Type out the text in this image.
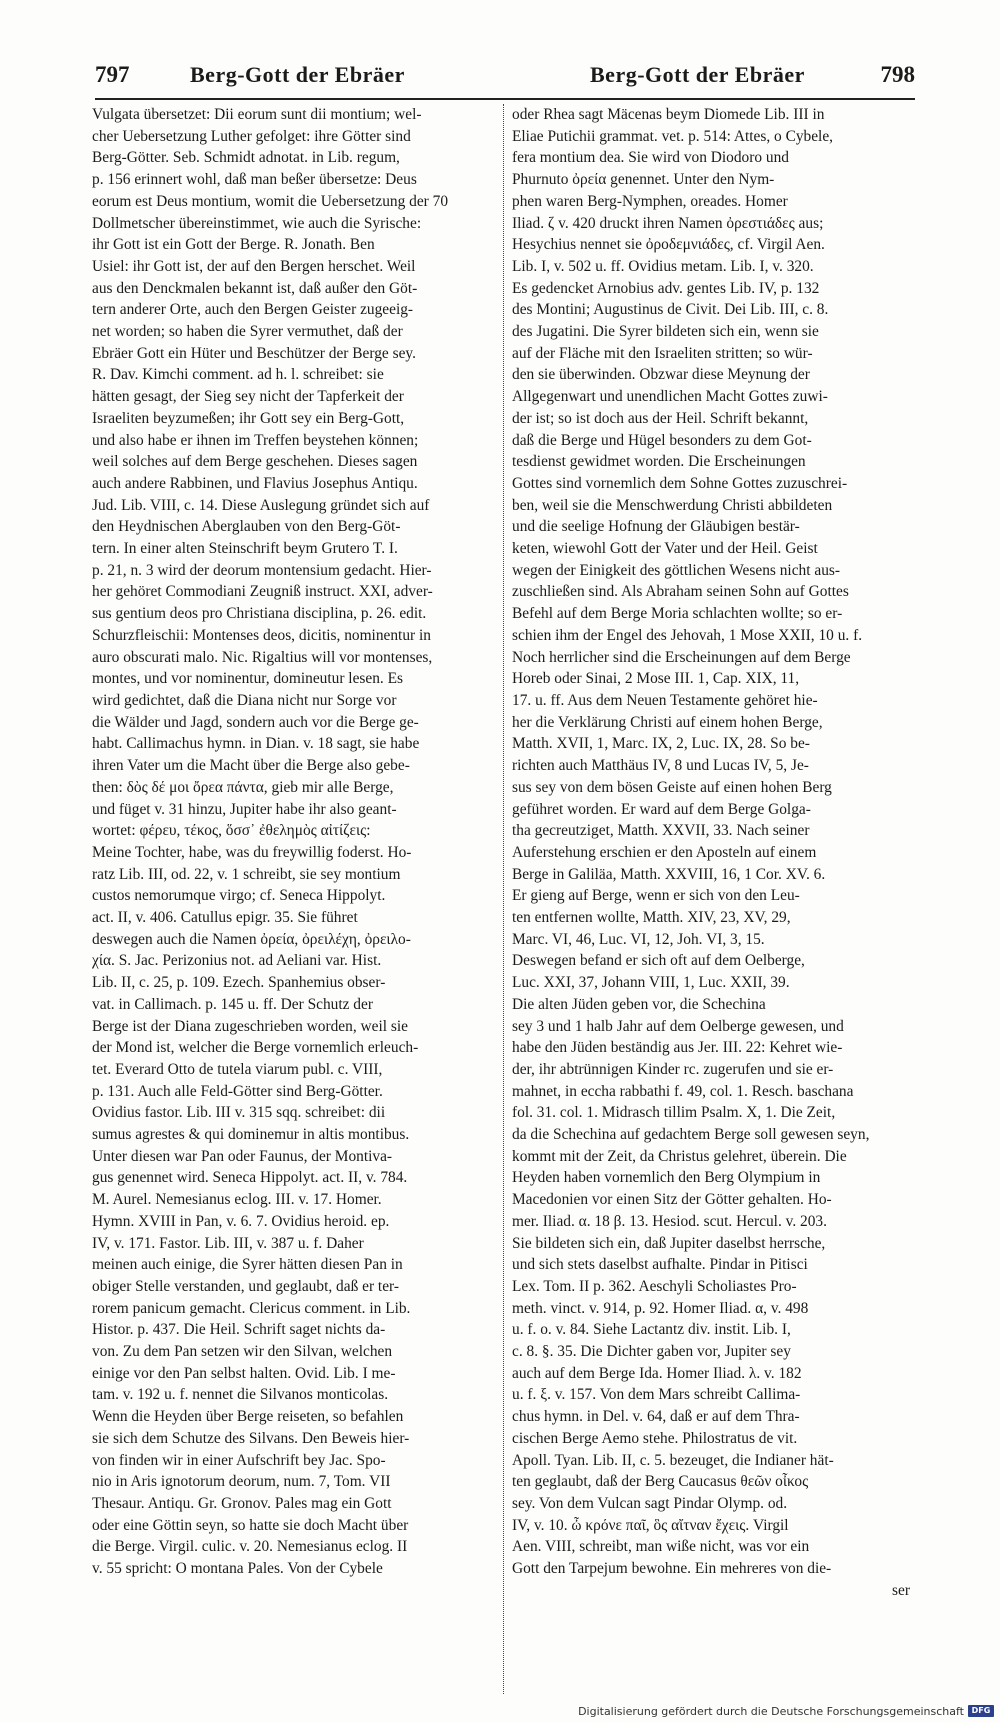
797	Berg-Gott der Ebräer	Berg-Gott der Ebräer	798
Vulgata übersetzet: Dii eorum sunt dii montium; wel-
cher Uebersetzung Luther gefolget: ihre Götter sind
Berg-Götter. Seb. Schmidt adnotat. in Lib. regum,
p. 156 erinnert wohl, daß man beßer übersetze: Deus
eorum est Deus montium, womit die Uebersetzung der 70
Dollmetscher übereinstimmet, wie auch die Syrische:
ihr Gott ist ein Gott der Berge. R. Jonath. Ben
Usiel: ihr Gott ist, der auf den Bergen herschet. Weil
aus den Denckmalen bekannt ist, daß außer den Göt-
tern anderer Orte, auch den Bergen Geister zugeeig-
net worden; so haben die Syrer vermuthet, daß der
Ebräer Gott ein Hüter und Beschützer der Berge sey.
R. Dav. Kimchi comment. ad h. l. schreibet: sie
hätten gesagt, der Sieg sey nicht der Tapferkeit der
Israeliten beyzumeßen; ihr Gott sey ein Berg-Gott,
und also habe er ihnen im Treffen beystehen können;
weil solches auf dem Berge geschehen. Dieses sagen
auch andere Rabbinen, und Flavius Josephus Antiqu.
Jud. Lib. VIII, c. 14. Diese Auslegung gründet sich auf
den Heydnischen Aberglauben von den Berg-Göt-
tern. In einer alten Steinschrift beym Grutero T. I.
p. 21, n. 3 wird der deorum montensium gedacht. Hier-
her gehöret Commodiani Zeugniß instruct. XXI, adver-
sus gentium deos pro Christiana disciplina, p. 26. edit.
Schurzfleischii: Montenses deos, dicitis, nominentur in
auro obscurati malo. Nic. Rigaltius will vor montenses,
montes, und vor nominentur, domineutur lesen. Es
wird gedichtet, daß die Diana nicht nur Sorge vor
die Wälder und Jagd, sondern auch vor die Berge ge-
habt. Callimachus hymn. in Dian. v. 18 sagt, sie habe
ihren Vater um die Macht über die Berge also gebe-
then: δὸς δέ μοι ὄρεα πάντα, gieb mir alle Berge,
und füget v. 31 hinzu, Jupiter habe ihr also geant-
wortet: φέρευ, τέκος, ὅσσ᾽ ἐθελημὸς αἰτίζεις:
Meine Tochter, habe, was du freywillig foderst. Ho-
ratz Lib. III, od. 22, v. 1 schreibt, sie sey montium
custos nemorumque virgo; cf. Seneca Hippolyt.
act. II, v. 406. Catullus epigr. 35. Sie führet
deswegen auch die Namen ὀρεία, ὀρειλέχη, ὀρειλο-
χία. S. Jac. Perizonius not. ad Aeliani var. Hist.
Lib. II, c. 25, p. 109. Ezech. Spanhemius obser-
vat. in Callimach. p. 145 u. ff. Der Schutz der
Berge ist der Diana zugeschrieben worden, weil sie
der Mond ist, welcher die Berge vornemlich erleuch-
tet. Everard Otto de tutela viarum publ. c. VIII,
p. 131. Auch alle Feld-Götter sind Berg-Götter.
Ovidius fastor. Lib. III v. 315 sqq. schreibet: dii
sumus agrestes & qui dominemur in altis montibus.
Unter diesen war Pan oder Faunus, der Montiva-
gus genennet wird. Seneca Hippolyt. act. II, v. 784.
M. Aurel. Nemesianus eclog. III. v. 17. Homer.
Hymn. XVIII in Pan, v. 6. 7. Ovidius heroid. ep.
IV, v. 171. Fastor. Lib. III, v. 387 u. f. Daher
meinen auch einige, die Syrer hätten diesen Pan in
obiger Stelle verstanden, und geglaubt, daß er ter-
rorem panicum gemacht. Clericus comment. in Lib.
Histor. p. 437. Die Heil. Schrift saget nichts da-
von. Zu dem Pan setzen wir den Silvan, welchen
einige vor den Pan selbst halten. Ovid. Lib. I me-
tam. v. 192 u. f. nennet die Silvanos monticolas.
Wenn die Heyden über Berge reiseten, so befahlen
sie sich dem Schutze des Silvans. Den Beweis hier-
von finden wir in einer Aufschrift bey Jac. Spo-
nio in Aris ignotorum deorum, num. 7, Tom. VII
Thesaur. Antiqu. Gr. Gronov. Pales mag ein Gott
oder eine Göttin seyn, so hatte sie doch Macht über
die Berge. Virgil. culic. v. 20. Nemesianus eclog. II
v. 55 spricht: O montana Pales. Von der Cybele
oder Rhea sagt Mäcenas beym Diomede Lib. III in
Eliae Putichii grammat. vet. p. 514: Attes, o Cybele,
fera montium dea. Sie wird von Diodoro und
Phurnuto ὀρεία genennet. Unter den Nym-
phen waren Berg-Nymphen, oreades. Homer
Iliad. ζ v. 420 druckt ihren Namen ὀρεστιάδες aus;
Hesychius nennet sie ὀροδεμνιάδες, cf. Virgil Aen.
Lib. I, v. 502 u. ff. Ovidius metam. Lib. I, v. 320.
Es gedencket Arnobius adv. gentes Lib. IV, p. 132
des Montini; Augustinus de Civit. Dei Lib. III, c. 8.
des Jugatini. Die Syrer bildeten sich ein, wenn sie
auf der Fläche mit den Israeliten stritten; so wür-
den sie überwinden. Obzwar diese Meynung der
Allgegenwart und unendlichen Macht Gottes zuwi-
der ist; so ist doch aus der Heil. Schrift bekannt,
daß die Berge und Hügel besonders zu dem Got-
tesdienst gewidmet worden. Die Erscheinungen
Gottes sind vornemlich dem Sohne Gottes zuzuschrei-
ben, weil sie die Menschwerdung Christi abbildeten
und die seelige Hofnung der Gläubigen bestär-
keten, wiewohl Gott der Vater und der Heil. Geist
wegen der Einigkeit des göttlichen Wesens nicht aus-
zuschließen sind. Als Abraham seinen Sohn auf Gottes
Befehl auf dem Berge Moria schlachten wollte; so er-
schien ihm der Engel des Jehovah, 1 Mose XXII, 10 u. f.
Noch herrlicher sind die Erscheinungen auf dem Berge
Horeb oder Sinai, 2 Mose III. 1, Cap. XIX, 11,
17. u. ff. Aus dem Neuen Testamente gehöret hie-
her die Verklärung Christi auf einem hohen Berge,
Matth. XVII, 1, Marc. IX, 2, Luc. IX, 28. So be-
richten auch Matthäus IV, 8 und Lucas IV, 5, Je-
sus sey von dem bösen Geiste auf einen hohen Berg
geführet worden. Er ward auf dem Berge Golga-
tha gecreutziget, Matth. XXVII, 33. Nach seiner
Auferstehung erschien er den Aposteln auf einem
Berge in Galiläa, Matth. XXVIII, 16, 1 Cor. XV. 6.
Er gieng auf Berge, wenn er sich von den Leu-
ten entfernen wollte, Matth. XIV, 23, XV, 29,
Marc. VI, 46, Luc. VI, 12, Joh. VI, 3, 15.
Deswegen befand er sich oft auf dem Oelberge,
Luc. XXI, 37, Johann VIII, 1, Luc. XXII, 39.
Die alten Jüden geben vor, die Schechina
sey 3 und 1 halb Jahr auf dem Oelberge gewesen, und
habe den Jüden beständig aus Jer. III. 22: Kehret wie-
der, ihr abtrünnigen Kinder rc. zugerufen und sie er-
mahnet, in eccha rabbathi f. 49, col. 1. Resch. baschana
fol. 31. col. 1. Midrasch tillim Psalm. X, 1. Die Zeit,
da die Schechina auf gedachtem Berge soll gewesen seyn,
kommt mit der Zeit, da Christus gelehret, überein. Die
Heyden haben vornemlich den Berg Olympium in
Macedonien vor einen Sitz der Götter gehalten. Ho-
mer. Iliad. α. 18 β. 13. Hesiod. scut. Hercul. v. 203.
Sie bildeten sich ein, daß Jupiter daselbst herrsche,
und sich stets daselbst aufhalte. Pindar in Pitisci
Lex. Tom. II p. 362. Aeschyli Scholiastes Pro-
meth. vinct. v. 914, p. 92. Homer Iliad. α, v. 498
u. f. o. v. 84. Siehe Lactantz div. instit. Lib. I,
c. 8. §. 35. Die Dichter gaben vor, Jupiter sey
auch auf dem Berge Ida. Homer Iliad. λ. v. 182
u. f. ξ. v. 157. Von dem Mars schreibt Callima-
chus hymn. in Del. v. 64, daß er auf dem Thra-
cischen Berge Aemo stehe. Philostratus de vit.
Apoll. Tyan. Lib. II, c. 5. bezeuget, die Indianer hät-
ten geglaubt, daß der Berg Caucasus θεῶν οἶκος
sey. Von dem Vulcan sagt Pindar Olymp. od.
IV, v. 10. ὦ κρόνε παῖ, ὃς αἴτναν ἔχεις. Virgil
Aen. VIII, schreibt, man wiße nicht, was vor ein
Gott den Tarpejum bewohne. Ein mehreres von die-
ser
Digitalisierung gefördert durch die Deutsche Forschungsgemeinschaft DFG
